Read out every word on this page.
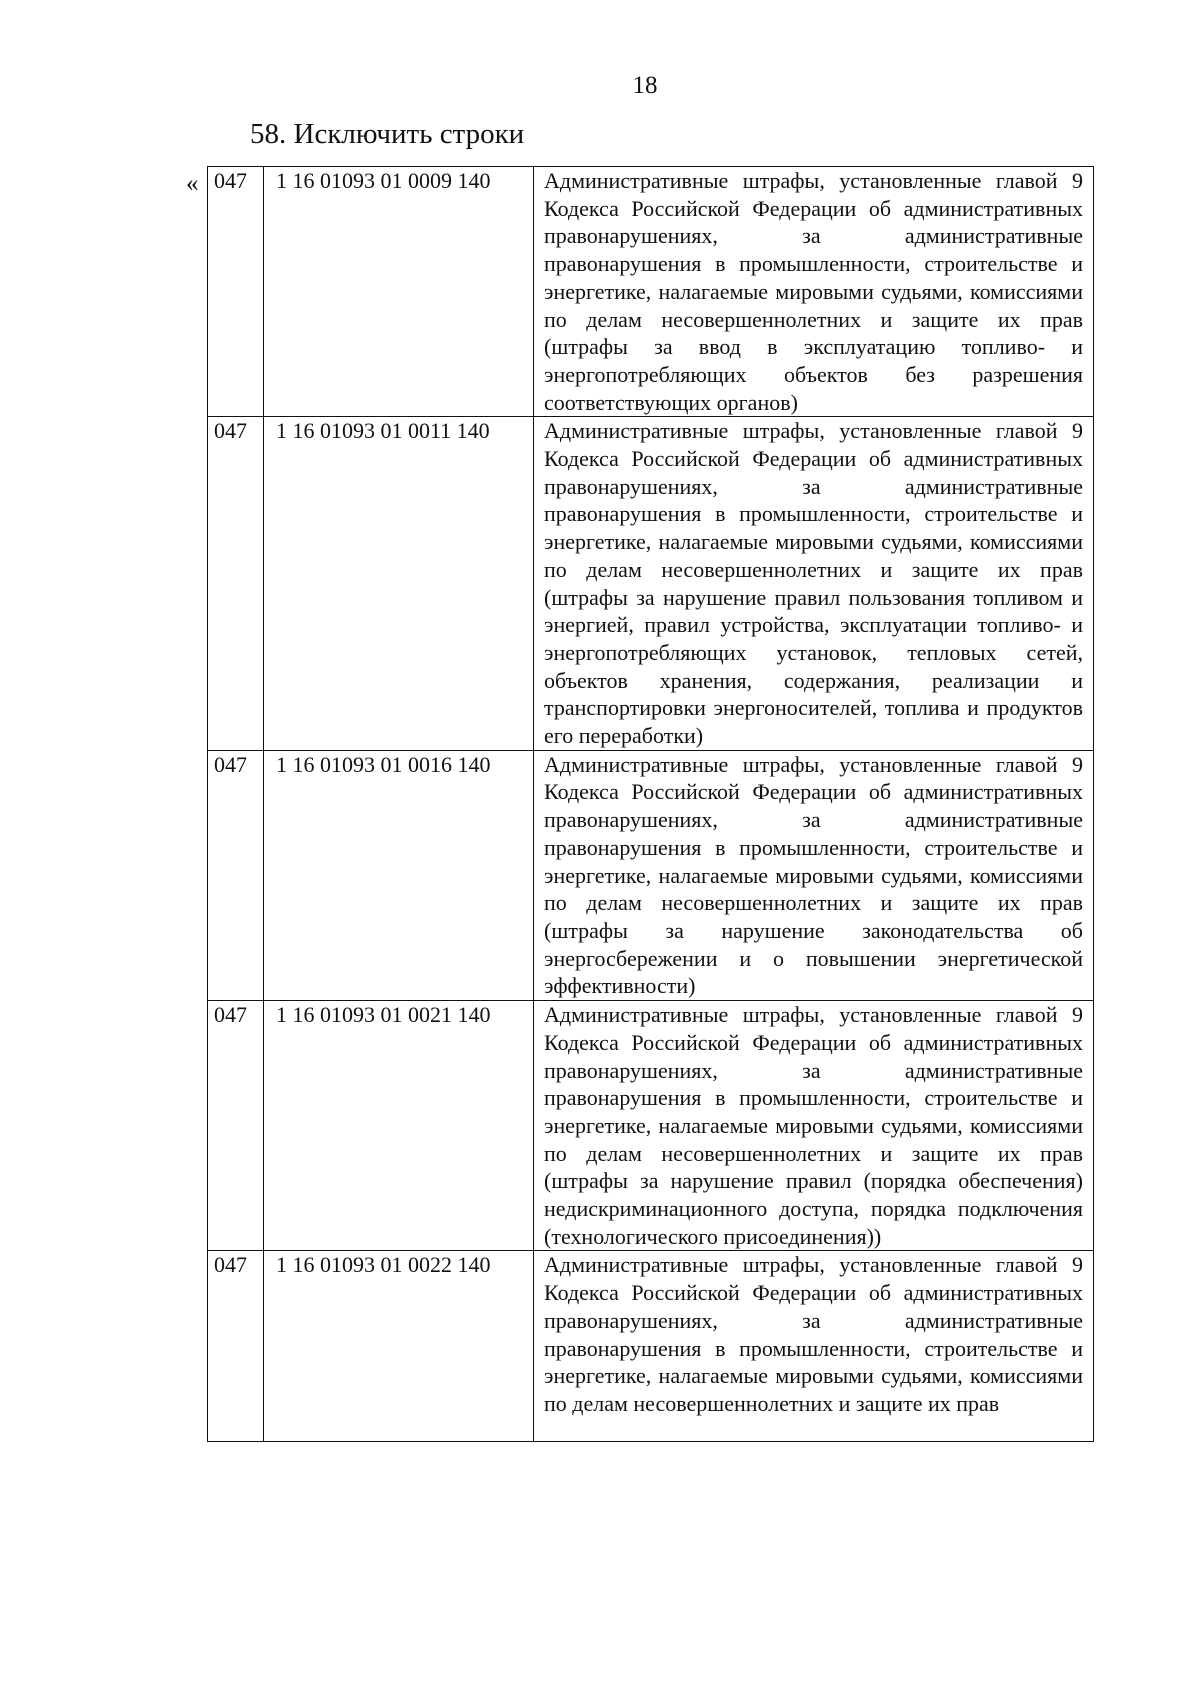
18
58. Исключить строки
« 047	1 16 01093 01 0009 140	Административные штрафы, установленные главой 9 Кодекса Российской Федерации об административных правонарушениях, за административные правонарушения в промышленности, строительстве и энергетике, налагаемые мировыми судьями, комиссиями по делам несовершеннолетних и защите их прав (штрафы за ввод в эксплуатацию топливо- и энергопотребляющих объектов без разрешения соответствующих органов)
047	1 16 01093 01 0011 140	Административные штрафы, установленные главой 9 Кодекса Российской Федерации об административных правонарушениях, за административные правонарушения в промышленности, строительстве и энергетике, налагаемые мировыми судьями, комиссиями по делам несовершеннолетних и защите их прав (штрафы за нарушение правил пользования топливом и энергией, правил устройства, эксплуатации топливо- и энергопотребляющих установок, тепловых сетей, объектов хранения, содержания, реализации и транспортировки энергоносителей, топлива и продуктов его переработки)
047	1 16 01093 01 0016 140	Административные штрафы, установленные главой 9 Кодекса Российской Федерации об административных правонарушениях, за административные правонарушения в промышленности, строительстве и энергетике, налагаемые мировыми судьями, комиссиями по делам несовершеннолетних и защите их прав (штрафы за нарушение законодательства об энергосбережении и о повышении энергетической эффективности)
047	1 16 01093 01 0021 140	Административные штрафы, установленные главой 9 Кодекса Российской Федерации об административных правонарушениях, за административные правонарушения в промышленности, строительстве и энергетике, налагаемые мировыми судьями, комиссиями по делам несовершеннолетних и защите их прав (штрафы за нарушение правил (порядка обеспечения) недискриминационного доступа, порядка подключения (технологического присоединения))
047	1 16 01093 01 0022 140	Административные штрафы, установленные главой 9 Кодекса Российской Федерации об административных правонарушениях, за административные правонарушения в промышленности, строительстве и энергетике, налагаемые мировыми судьями, комиссиями по делам несовершеннолетних и защите их прав
